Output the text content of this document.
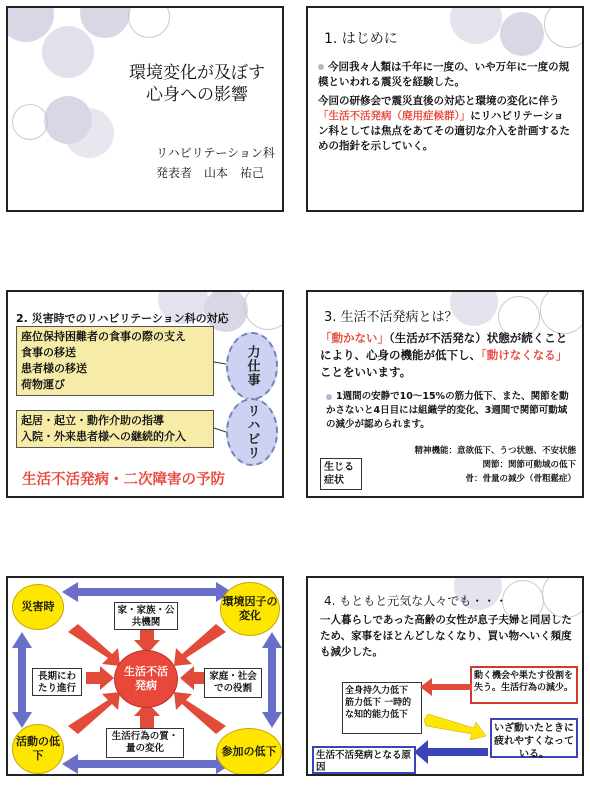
環境変化が及ぼす
心身への影響
リハビリテーション科
発表者　山本　祐己
1. はじめに
今回我々人類は千年に一度の、いや万年に一度の規模といわれる震災を経験した。
今回の研修会で震災直後の対応と環境の変化に伴う「生活不活発病（廃用症候群）」にリハビリテーション科としては焦点をあてその適切な介入を計画するための指針を示していく。
2. 災害時でのリハビリテーション科の対応
座位保持困難者の食事の際の支え
食事の移送
患者様の移送
荷物運び
起居・起立・動作介助の指導
入院・外来患者様への継続的介入
力仕事
リハビリ
生活不活発病・二次障害の予防
3. 生活不活発病とは？
「動かない」（生活が不活発な）状態が続くことにより、心身の機能が低下し、「動けなくなる」ことをいいます。
1週間の安静で10～15%の筋力低下、また、関節を動かさないと4日目には組織学的変化、3週間で関節可動域の減少が認められます。
生じる症状
精神機能：意欲低下、うつ状態、不安状態
関節：関節可動域の低下
骨：骨量の減少（骨粗鬆症）
災害時	環境因子の変化
活動の低下	参加の低下
生活不活発病
家・家族・公共機関
長期にわたり進行
家庭・社会での役割
生活行為の質・量の変化
4. もともと元気な人々でも・・・
一人暮らしであった高齢の女性が息子夫婦と同居したため、家事をほとんどしなくなり、買い物へいく頻度も減少した。
動く機会や果たす役割を失う。生活行為の減少。
全身持久力低下 筋力低下 一時的な知的能力低下
いざ動いたときに疲れやすくなっている。
生活不活発病となる原因
